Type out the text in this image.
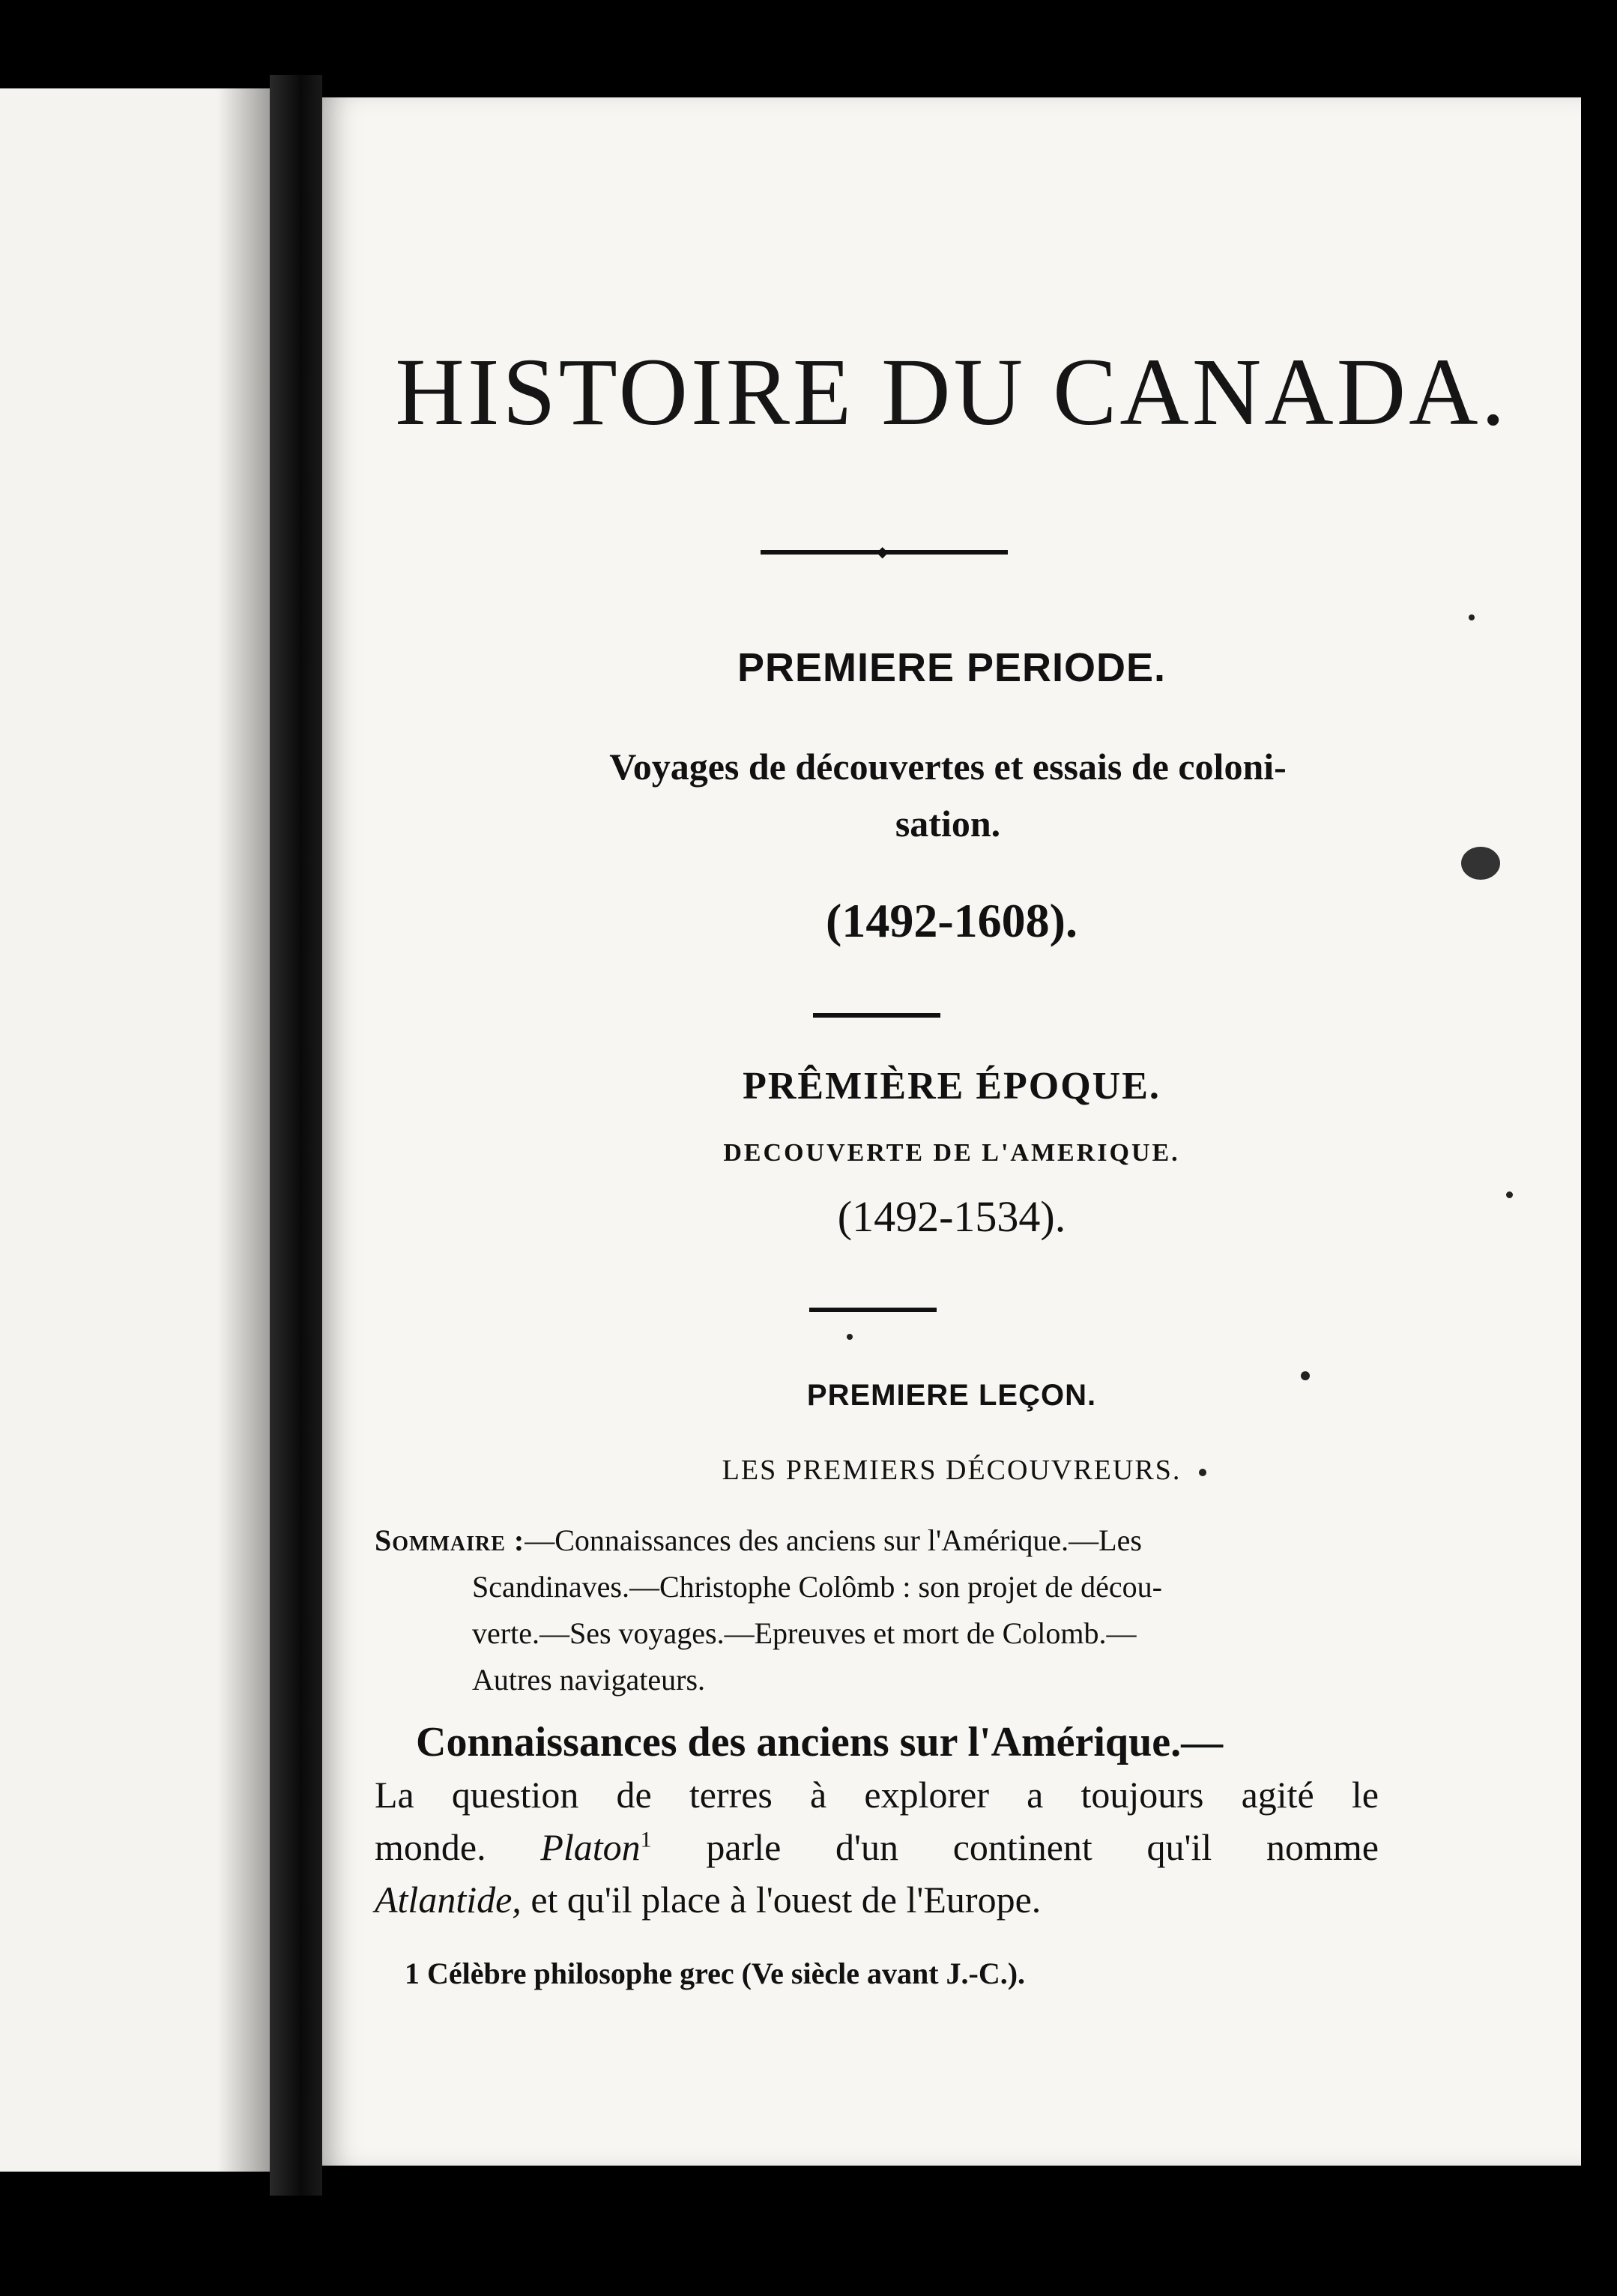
HISTOIRE DU CANADA.
◆
PREMIERE PERIODE.
Voyages de découvertes et essais de coloni-
sation.
(1492-1608).
PRÊMIÈRE ÉPOQUE.
DECOUVERTE DE L'AMERIQUE.
(1492-1534).
PREMIERE LEÇON.
LES PREMIERS DÉCOUVREURS.
Sommaire :—Connaissances des anciens sur l'Amérique.—Les
Scandinaves.—Christophe Colômb : son projet de décou-
verte.—Ses voyages.—Epreuves et mort de Colomb.—
Autres navigateurs.
Connaissances des anciens sur l'Amérique.—
La question de terres à explorer a toujours agité le
monde. Platon$^1$ parle d'un continent qu'il nomme
Atlantide, et qu'il place à l'ouest de l'Europe.
1 Célèbre philosophe grec (Ve siècle avant J.-C.).
